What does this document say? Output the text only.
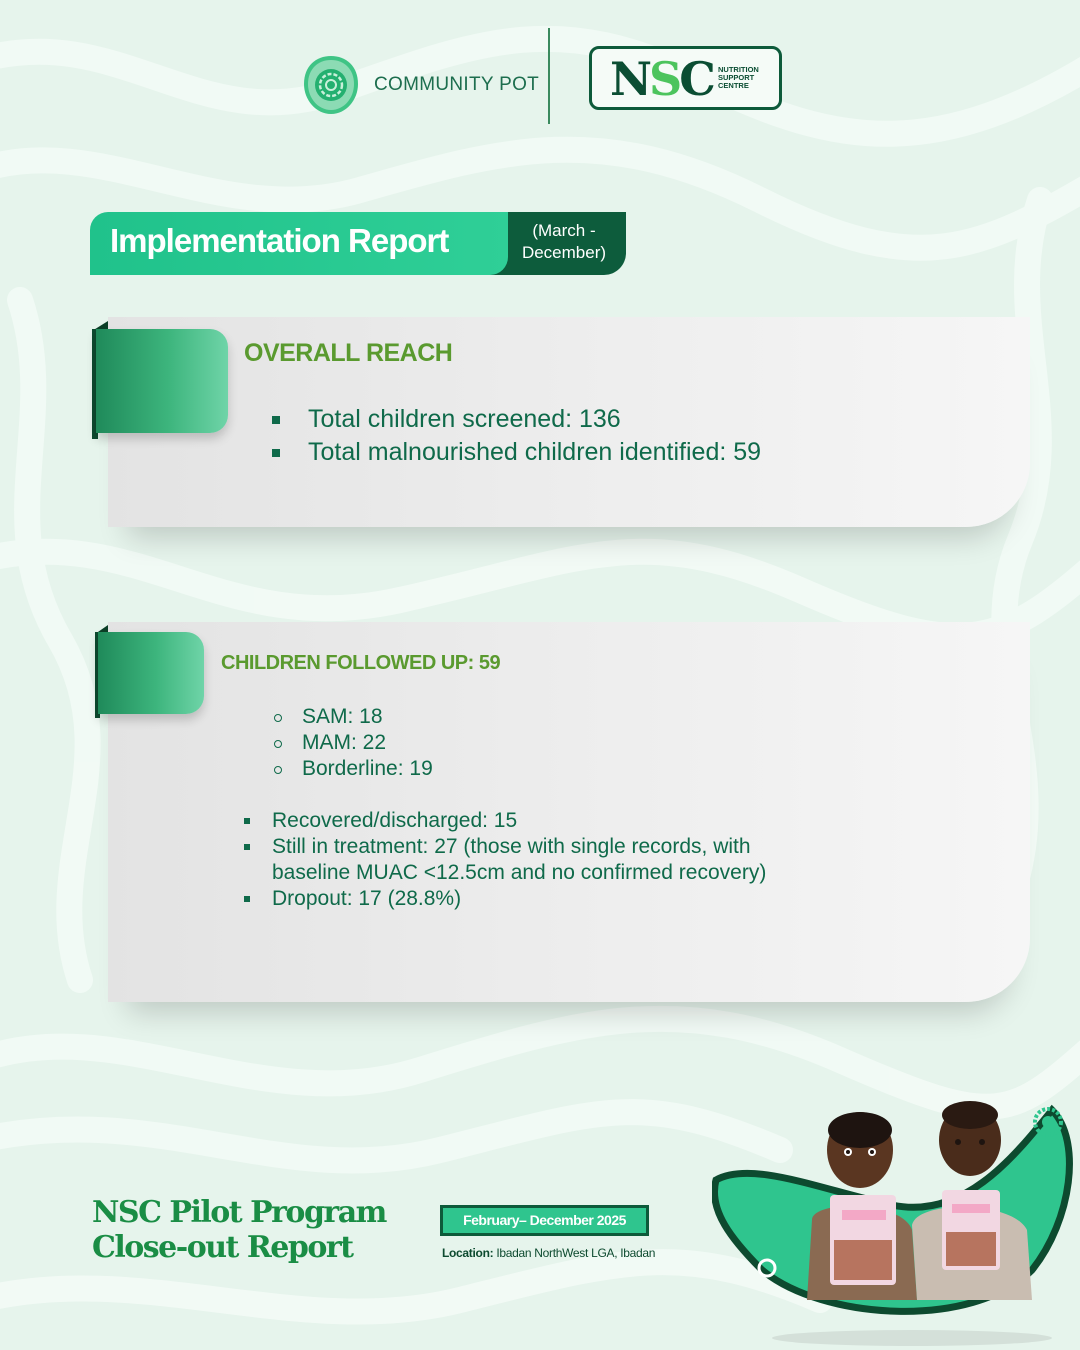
COMMUNITY POT NSC NUTRITION
SUPPORT
CENTRE
Implementation Report	(March - December)
OVERALL REACH
Total children screened: 136
Total malnourished children identified: 59
CHILDREN FOLLOWED UP: 59
SAM: 18
MAM: 22
Borderline: 19
Recovered/discharged: 15
Still in treatment: 27 (those with single records, with baseline MUAC <12.5cm and no confirmed recovery)
Dropout: 17 (28.8%)
NSC Pilot Program
Close-out Report
February– December 2025
Location: Ibadan NorthWest LGA, Ibadan
